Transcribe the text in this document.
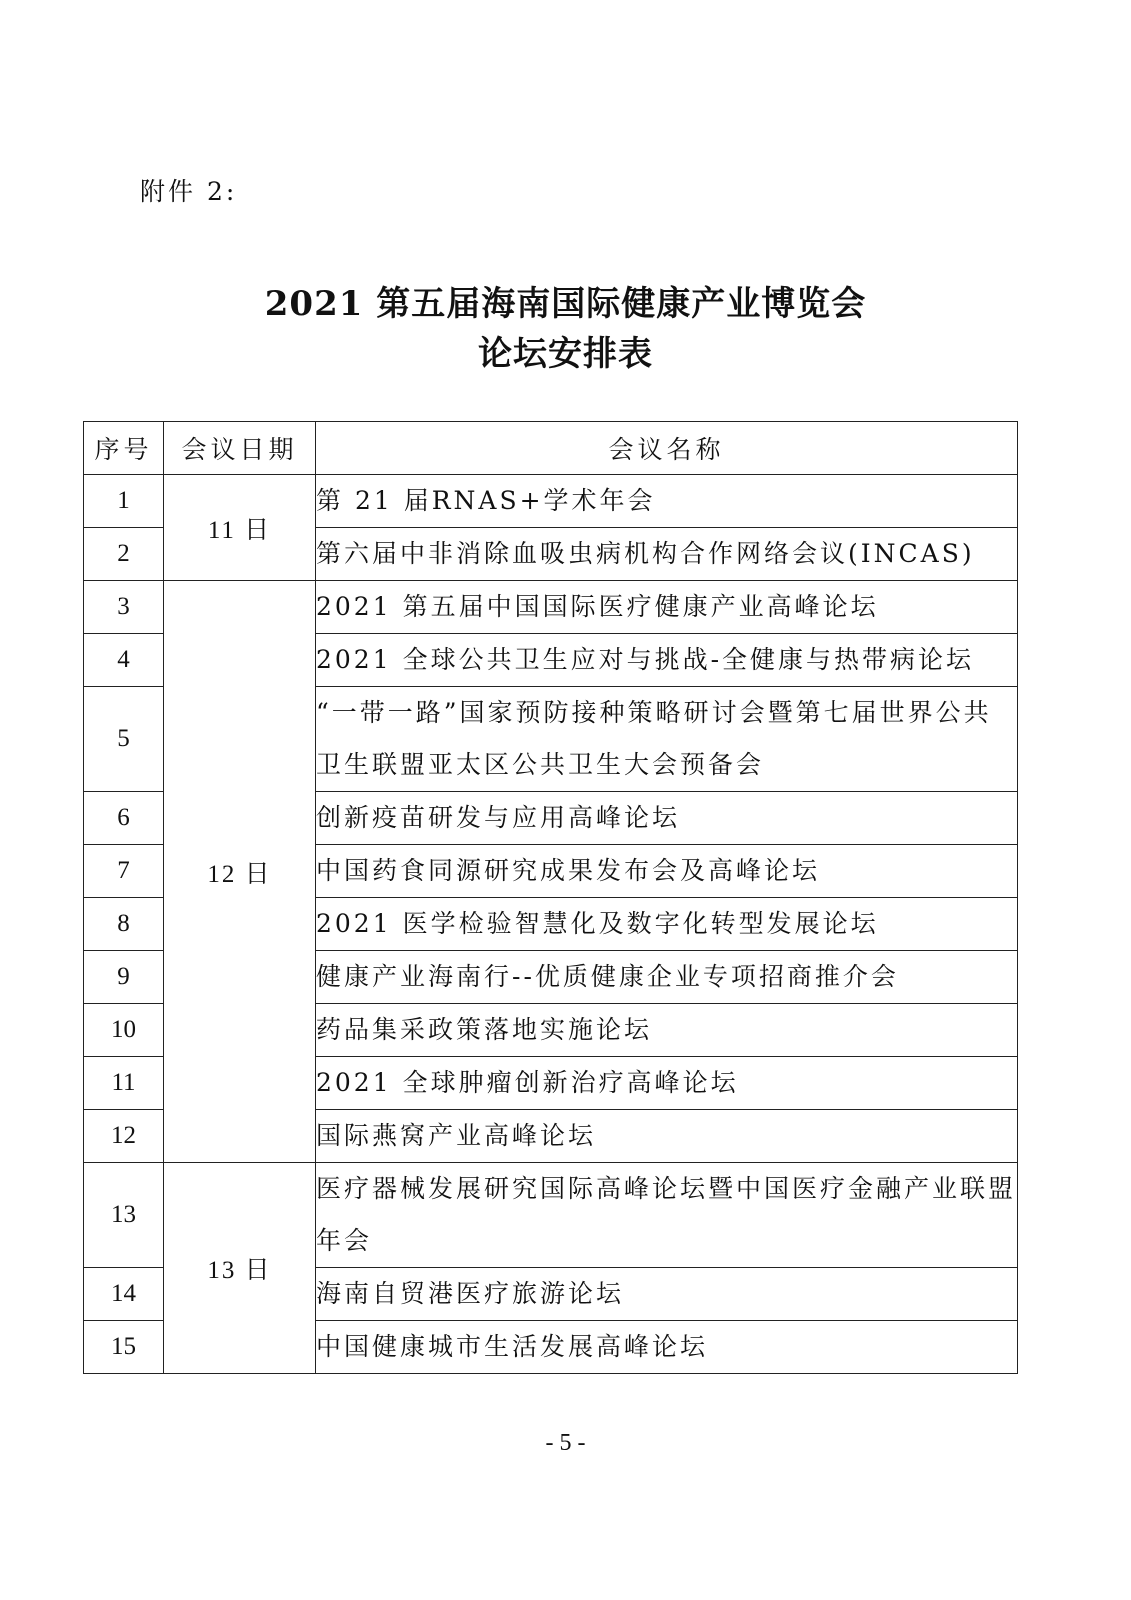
附件 2:
2021 第五届海南国际健康产业博览会
论坛安排表
序号	会议日期	会议名称
1	11 日	第 21 届RNAS+学术年会
2		第六届中非消除血吸虫病机构合作网络会议(INCAS)
3	12 日	2021 第五届中国国际医疗健康产业高峰论坛
4		2021 全球公共卫生应对与挑战-全健康与热带病论坛
5		“一带一路”国家预防接种策略研讨会暨第七届世界公共卫生联盟亚太区公共卫生大会预备会
6		创新疫苗研发与应用高峰论坛
7		中国药食同源研究成果发布会及高峰论坛
8		2021 医学检验智慧化及数字化转型发展论坛
9		健康产业海南行--优质健康企业专项招商推介会
10		药品集采政策落地实施论坛
11		2021 全球肿瘤创新治疗高峰论坛
12		国际燕窝产业高峰论坛
13	13 日	医疗器械发展研究国际高峰论坛暨中国医疗金融产业联盟年会
14		海南自贸港医疗旅游论坛
15		中国健康城市生活发展高峰论坛
- 5 -
